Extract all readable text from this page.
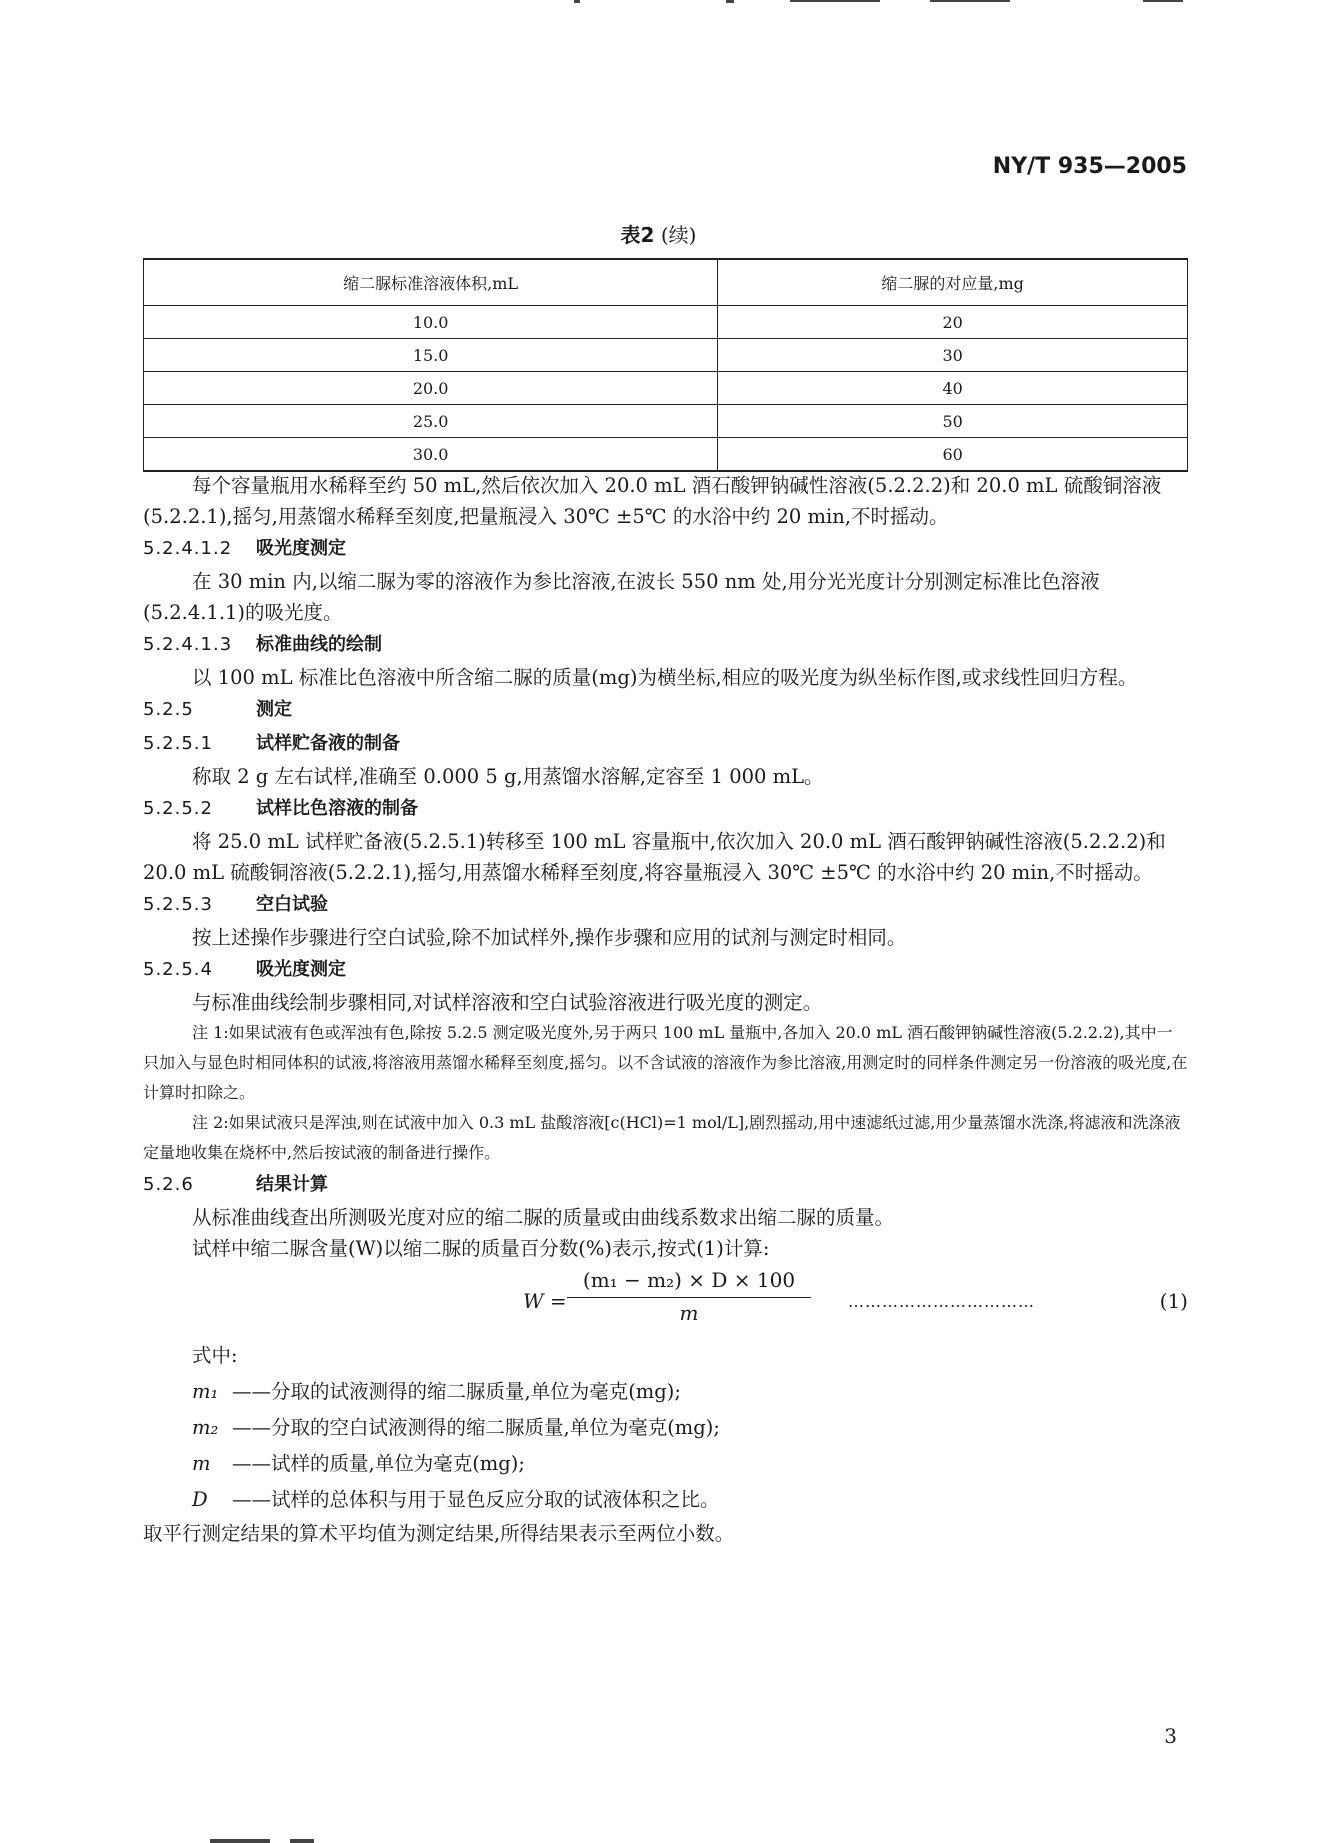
NY/T 935—2005
表2 (续)
缩二脲标准溶液体积,mL	缩二脲的对应量,mg
10.0	20
15.0	30
20.0	40
25.0	50
30.0	60

每个容量瓶用水稀释至约 50 mL,然后依次加入 20.0 mL 酒石酸钾钠碱性溶液(5.2.2.2)和 20.0 mL 硫酸铜溶液(5.2.2.1),摇匀,用蒸馏水稀释至刻度,把量瓶浸入 30℃ ±5℃ 的水浴中约 20 min,不时摇动。

5.2.4.1.2 吸光度测定

在 30 min 内,以缩二脲为零的溶液作为参比溶液,在波长 550 nm 处,用分光光度计分别测定标准比色溶液(5.2.4.1.1)的吸光度。

5.2.4.1.3 标准曲线的绘制

以 100 mL 标准比色溶液中所含缩二脲的质量(mg)为横坐标,相应的吸光度为纵坐标作图,或求线性回归方程。

5.2.5	测定

5.2.5.1 试样贮备液的制备

称取 2 g 左右试样,准确至 0.000 5 g,用蒸馏水溶解,定容至 1 000 mL。

5.2.5.2 试样比色溶液的制备

将 25.0 mL 试样贮备液(5.2.5.1)转移至 100 mL 容量瓶中,依次加入 20.0 mL 酒石酸钾钠碱性溶液(5.2.2.2)和 20.0 mL 硫酸铜溶液(5.2.2.1),摇匀,用蒸馏水稀释至刻度,将容量瓶浸入 30℃ ±5℃ 的水浴中约 20 min,不时摇动。

5.2.5.3 空白试验

按上述操作步骤进行空白试验,除不加试样外,操作步骤和应用的试剂与测定时相同。

5.2.5.4 吸光度测定

与标准曲线绘制步骤相同,对试样溶液和空白试验溶液进行吸光度的测定。

注 1:如果试液有色或浑浊有色,除按 5.2.5 测定吸光度外,另于两只 100 mL 量瓶中,各加入 20.0 mL 酒石酸钾钠碱性溶液(5.2.2.2),其中一只加入与显色时相同体积的试液,将溶液用蒸馏水稀释至刻度,摇匀。以不含试液的溶液作为参比溶液,用测定时的同样条件测定另一份溶液的吸光度,在计算时扣除之。

注 2:如果试液只是浑浊,则在试液中加入 0.3 mL 盐酸溶液[c(HCl)=1 mol/L],剧烈摇动,用中速滤纸过滤,用少量蒸馏水洗涤,将滤液和洗涤液定量地收集在烧杯中,然后按试液的制备进行操作。

5.2.6	结果计算

从标准曲线查出所测吸光度对应的缩二脲的质量或由曲线系数求出缩二脲的质量。

试样中缩二脲含量(W)以缩二脲的质量百分数(%)表示,按式(1)计算:

$W = \frac{\text{(m₁ − m₂) × D × 100}}{m}$ ……………………………	(1)

式中:

m₁ ——分取的试液测得的缩二脲质量,单位为毫克(mg);

m₂ ——分取的空白试液测得的缩二脲质量,单位为毫克(mg);

m ——试样的质量,单位为毫克(mg);

D ——试样的总体积与用于显色反应分取的试液体积之比。

取平行测定结果的算术平均值为测定结果,所得结果表示至两位小数。

3
